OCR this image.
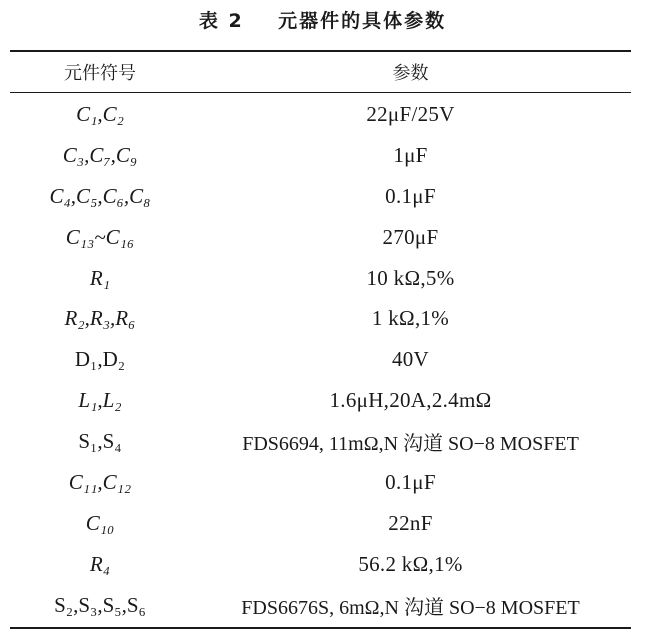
表 2    元器件的具体参数
元件符号	参数
C₁,C₂	22μF/25V
C₃,C₇,C₉	1μF
C₄,C₅,C₆,C₈	0.1μF
C₁₃~C₁₆	270μF
R₁	10 kΩ,5%
R₂,R₃,R₆	1 kΩ,1%
D₁,D₂	40V
L₁,L₂	1.6μH,20A,2.4mΩ
S₁,S₄	FDS6694, 11mΩ,N 沟道 SO−8 MOSFET
C₁₁,C₁₂	0.1μF
C₁₀	22nF
R₄	56.2 kΩ,1%
S₂,S₃,S₅,S₆	FDS6676S, 6mΩ,N 沟道 SO−8 MOSFET
